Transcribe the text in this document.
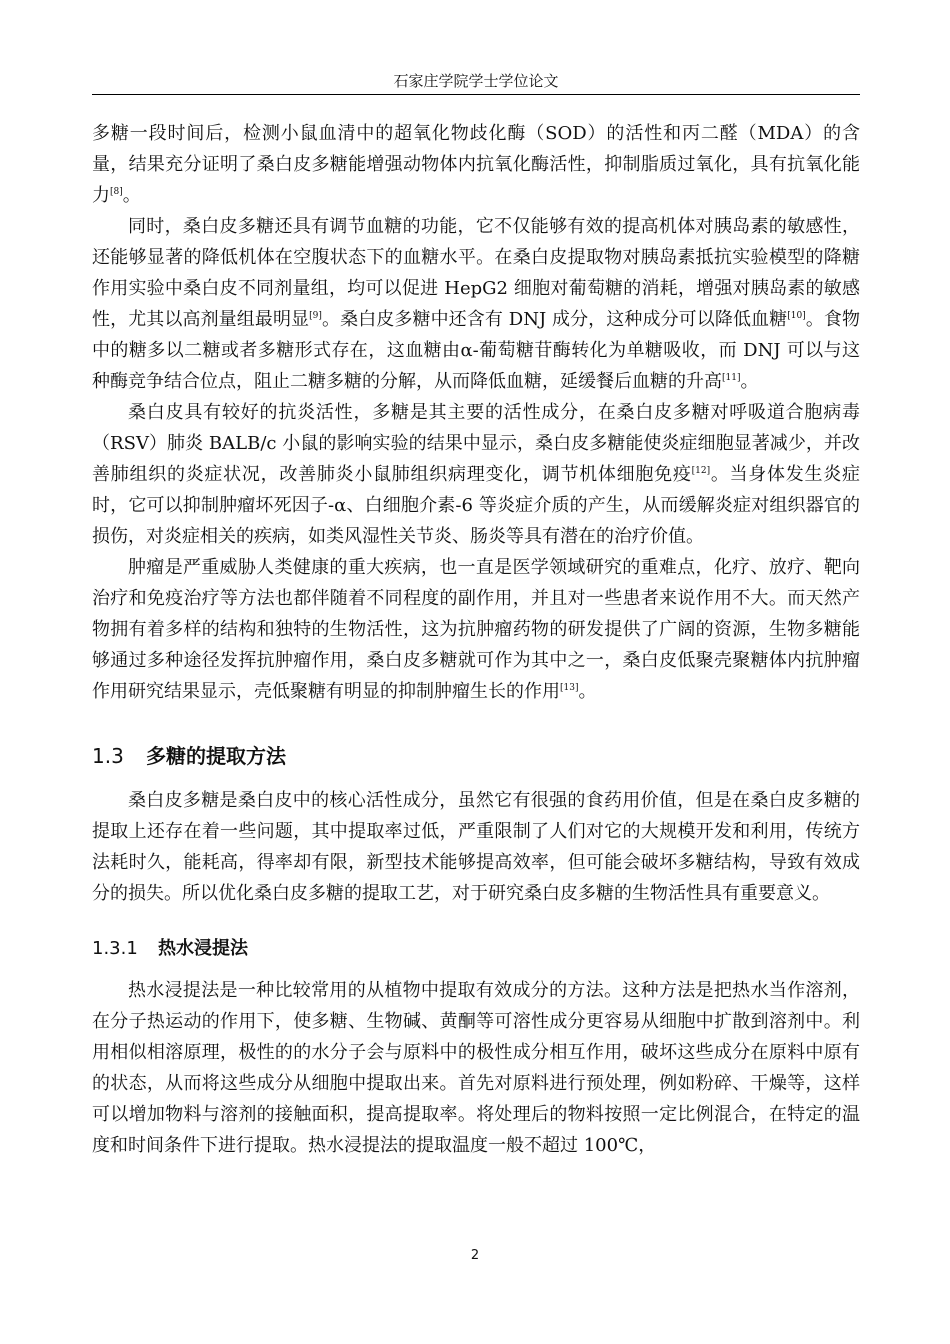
石家庄学院学士学位论文

多糖一段时间后，检测小鼠血清中的超氧化物歧化酶（SOD）的活性和丙二醛（MDA）的含量，结果充分证明了桑白皮多糖能增强动物体内抗氧化酶活性，抑制脂质过氧化，具有抗氧化能力[8]。

同时，桑白皮多糖还具有调节血糖的功能，它不仅能够有效的提高机体对胰岛素的敏感性，还能够显著的降低机体在空腹状态下的血糖水平。在桑白皮提取物对胰岛素抵抗实验模型的降糖作用实验中桑白皮不同剂量组，均可以促进 HepG2 细胞对葡萄糖的消耗，增强对胰岛素的敏感性，尤其以高剂量组最明显[9]。桑白皮多糖中还含有 DNJ 成分，这种成分可以降低血糖[10]。食物中的糖多以二糖或者多糖形式存在，这血糖由α-葡萄糖苷酶转化为单糖吸收，而 DNJ 可以与这种酶竞争结合位点，阻止二糖多糖的分解，从而降低血糖，延缓餐后血糖的升高[11]。

桑白皮具有较好的抗炎活性，多糖是其主要的活性成分，在桑白皮多糖对呼吸道合胞病毒（RSV）肺炎 BALB/c 小鼠的影响实验的结果中显示，桑白皮多糖能使炎症细胞显著减少，并改善肺组织的炎症状况，改善肺炎小鼠肺组织病理变化，调节机体细胞免疫[12]。当身体发生炎症时，它可以抑制肿瘤坏死因子-α、白细胞介素-6 等炎症介质的产生，从而缓解炎症对组织器官的损伤，对炎症相关的疾病，如类风湿性关节炎、肠炎等具有潜在的治疗价值。

肿瘤是严重威胁人类健康的重大疾病，也一直是医学领域研究的重难点，化疗、放疗、靶向治疗和免疫治疗等方法也都伴随着不同程度的副作用，并且对一些患者来说作用不大。而天然产物拥有着多样的结构和独特的生物活性，这为抗肿瘤药物的研发提供了广阔的资源，生物多糖能够通过多种途径发挥抗肿瘤作用，桑白皮多糖就可作为其中之一，桑白皮低聚壳聚糖体内抗肿瘤作用研究结果显示，壳低聚糖有明显的抑制肿瘤生长的作用[13]。

1.3 多糖的提取方法

桑白皮多糖是桑白皮中的核心活性成分，虽然它有很强的食药用价值，但是在桑白皮多糖的提取上还存在着一些问题，其中提取率过低，严重限制了人们对它的大规模开发和利用，传统方法耗时久，能耗高，得率却有限，新型技术能够提高效率，但可能会破坏多糖结构，导致有效成分的损失。所以优化桑白皮多糖的提取工艺，对于研究桑白皮多糖的生物活性具有重要意义。

1.3.1 热水浸提法

热水浸提法是一种比较常用的从植物中提取有效成分的方法。这种方法是把热水当作溶剂，在分子热运动的作用下，使多糖、生物碱、黄酮等可溶性成分更容易从细胞中扩散到溶剂中。利用相似相溶原理，极性的的水分子会与原料中的极性成分相互作用，破坏这些成分在原料中原有的状态，从而将这些成分从细胞中提取出来。首先对原料进行预处理，例如粉碎、干燥等，这样可以增加物料与溶剂的接触面积，提高提取率。将处理后的物料按照一定比例混合，在特定的温度和时间条件下进行提取。热水浸提法的提取温度一般不超过 100℃，

2
